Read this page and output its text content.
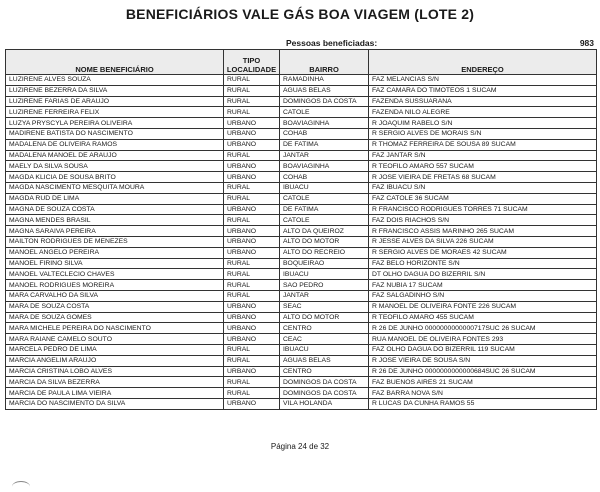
BENEFICIÁRIOS VALE GÁS BOA VIAGEM (LOTE 2)
Pessoas beneficiadas:	983
NOME BENEFICIÁRIO	TIPO LOCALIDADE	BAIRRO	ENDEREÇO
LUZIRENE ALVES SOUZA	RURAL	RAMADINHA	FAZ MELANCIAS S/N
LUZIRENE BEZERRA DA SILVA	RURAL	AGUAS BELAS	FAZ CAMARA DO TIMOTEOS 1 SUCAM
LUZIRENE FARIAS DE ARAUJO	RURAL	DOMINGOS DA COSTA	FAZENDA SUSSUARANA
LUZIRENE FERREIRA FELIX	RURAL	CATOLE	FAZENDA NILO ALEGRE
LUZYA PRYSCYLA PEREIRA OLIVEIRA	URBANO	BOAVIAGINHA	R JOAQUIM RABELO S/N
MADIRENE BATISTA DO NASCIMENTO	URBANO	COHAB	R SERGIO ALVES DE MORAIS S/N
MADALENA DE OLIVEIRA RAMOS	URBANO	DE FATIMA	R THOMAZ FERREIRA DE SOUSA 89 SUCAM
MADALENA MANOEL DE ARAUJO	RURAL	JANTAR	FAZ JANTAR S/N
MAELY DA SILVA SOUSA	URBANO	BOAVIAGINHA	R TEOFILO AMARO 557 SUCAM
MAGDA KLICIA DE SOUSA BRITO	URBANO	COHAB	R JOSE VIEIRA DE FRETAS 68 SUCAM
MAGDA NASCIMENTO MESQUITA MOURA	RURAL	IBUACU	FAZ IBUACU S/N
MAGDA RUD DE LIMA	RURAL	CATOLE	FAZ CATOLE 36 SUCAM
MAGNA DE SOUZA COSTA	URBANO	DE FATIMA	R FRANCISCO RODRIGUES TORRES 71 SUCAM
MAGNA MENDES BRASIL	RURAL	CATOLE	FAZ DOIS RIACHOS S/N
MAGNA SARAIVA PEREIRA	URBANO	ALTO DA QUEIROZ	R FRANCISCO ASSIS MARINHO 265 SUCAM
MAILTON RODRIGUES DE MENEZES	URBANO	ALTO DO MOTOR	R JESSE ALVES DA SILVA 226 SUCAM
MANOEL ANGELO PEREIRA	URBANO	ALTO DO RECREIO	R SERGIO ALVES DE MORAES 42 SUCAM
MANOEL FIRINO SILVA	RURAL	BOQUEIRAO	FAZ BELO HORIZONTE S/N
MANOEL VALTECLECIO CHAVES	RURAL	IBUACU	DT OLHO DAGUA DO BIZERRIL S/N
MANOEL RODRIGUES MOREIRA	RURAL	SAO PEDRO	FAZ NUBIA 17 SUCAM
MARA CARVALHO DA SILVA	RURAL	JANTAR	FAZ SALGADINHO S/N
MARA DE SOUZA COSTA	URBANO	SEAC	R MANOEL DE OLIVEIRA FONTE 226 SUCAM
MARA DE SOUZA GOMES	URBANO	ALTO DO MOTOR	R TEOFILO AMARO 455 SUCAM
MARA MICHELE PEREIRA DO NASCIMENTO	URBANO	CENTRO	R 26 DE JUNHO 0000000000000717SUC 26 SUCAM
MARA RAIANE CAMELO SOUTO	URBANO	CEAC	RUA MANOEL DE OLIVEIRA FONTES 293
MARCELA PEDRO DE LIMA	RURAL	IBUACU	FAZ OLHO DAGUA DO BIZERRIL 119 SUCAM
MARCIA ANGELIM ARAUJO	RURAL	AGUAS BELAS	R JOSE VIEIRA DE SOUSA S/N
MARCIA CRISTINA LOBO ALVES	URBANO	CENTRO	R 26 DE JUNHO 0000000000000684SUC 26 SUCAM
MARCIA DA SILVA BEZERRA	RURAL	DOMINGOS DA COSTA	FAZ BUENOS AIRES 21 SUCAM
MARCIA DE PAULA LIMA VIEIRA	RURAL	DOMINGOS DA COSTA	FAZ BARRA NOVA S/N
MARCIA DO NASCIMENTO DA SILVA	URBANO	VILA HOLANDA	R LUCAS DA CUNHA RAMOS 55
Página 24 de 32
